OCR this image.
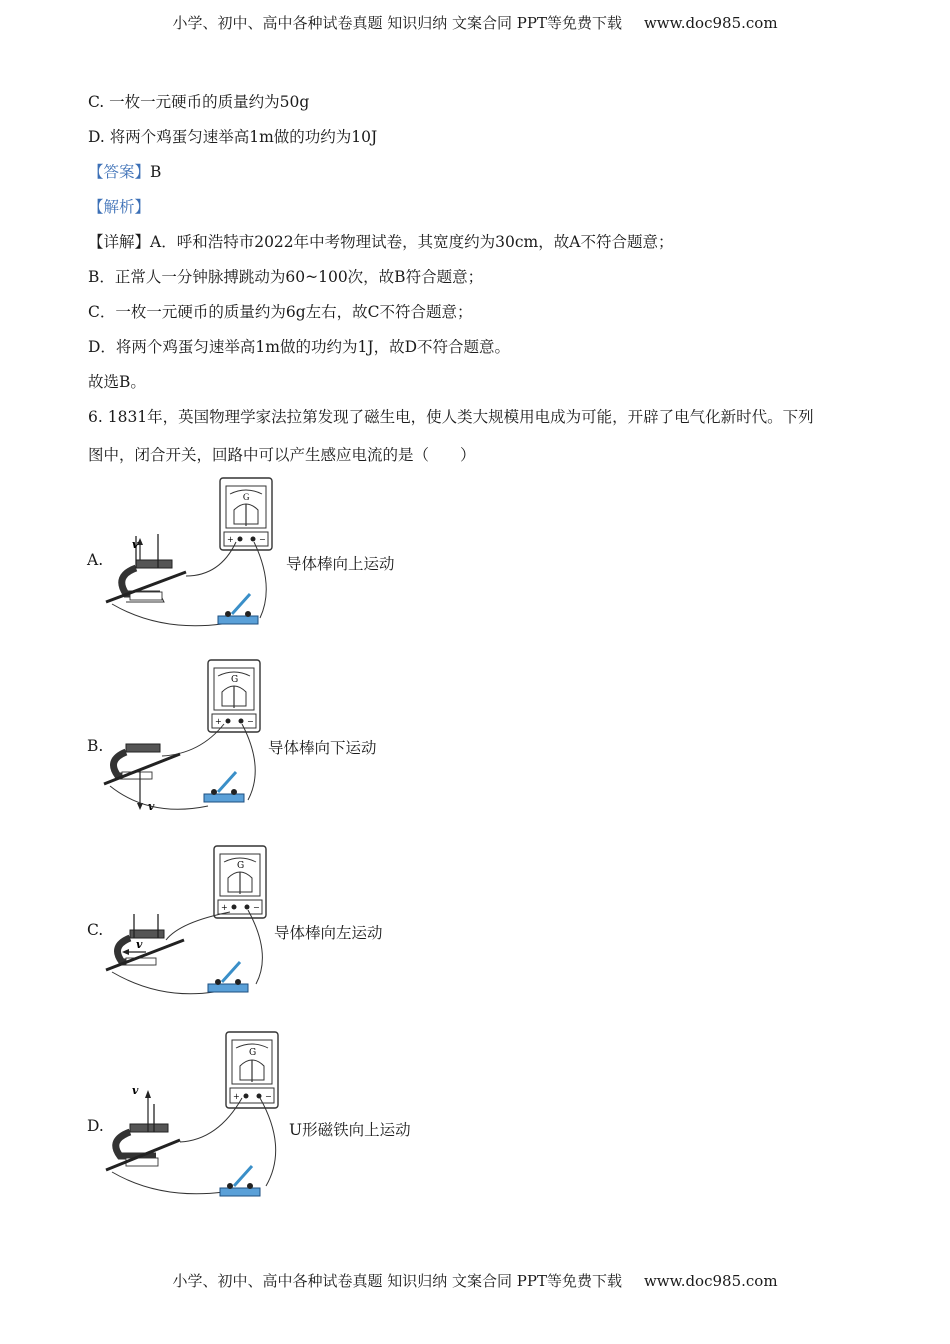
小学、初中、高中各种试卷真题 知识归纳 文案合同 PPT等免费下载 www.doc985.com
C. 一枚一元硬币的质量约为50g
D. 将两个鸡蛋匀速举高1m做的功约为10J
【答案】B
【解析】
【详解】A．呼和浩特市2022年中考物理试卷，其宽度约为30cm，故A不符合题意；
B．正常人一分钟脉搏跳动为60~100次，故B符合题意；
C．一枚一元硬币的质量约为6g左右，故C不符合题意；
D．将两个鸡蛋匀速举高1m做的功约为1J，故D不符合题意。
故选B。
6. 1831年，英国物理学家法拉第发现了磁生电，使人类大规模用电成为可能，开辟了电气化新时代。下列
图中，闭合开关，回路中可以产生感应电流的是（　　）
A.	导体棒向上运动
G
+	−
v
B.	导体棒向下运动
G
+	−
v
C.	导体棒向左运动
G
+	−
v
D.	U形磁铁向上运动
G
+	−
v
小学、初中、高中各种试卷真题 知识归纳 文案合同 PPT等免费下载 www.doc985.com
